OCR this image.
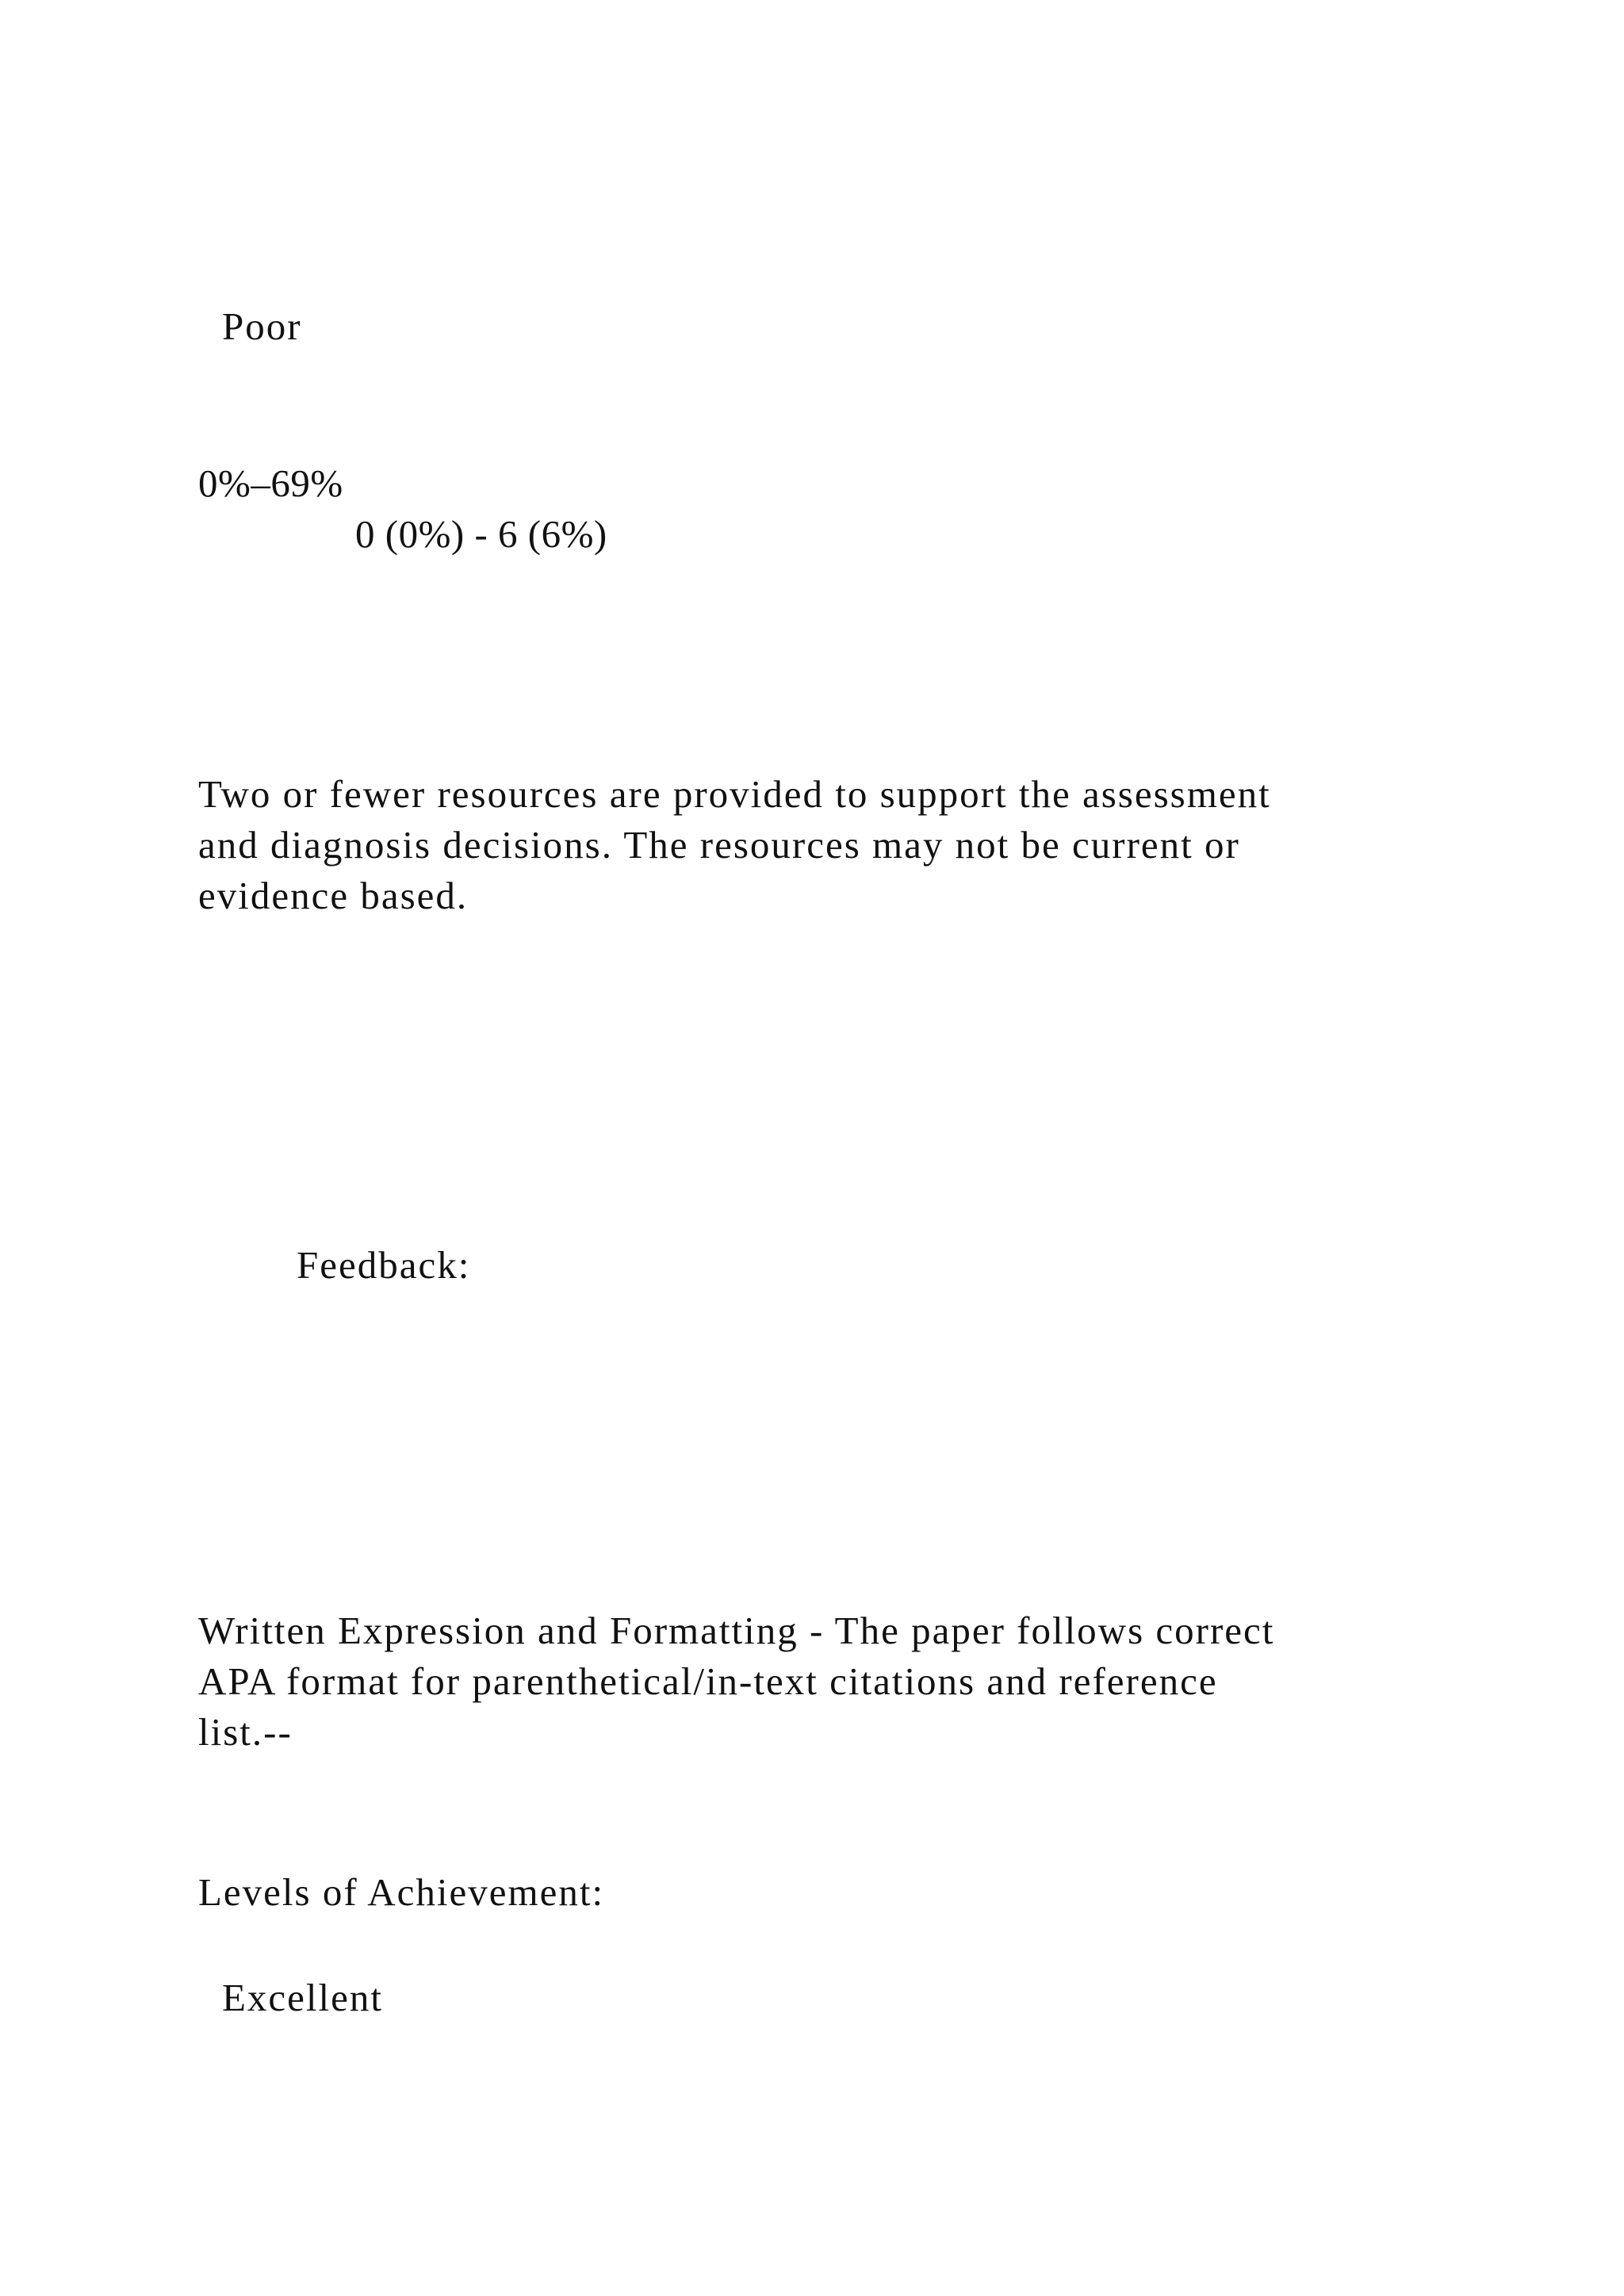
Poor

0%–69%

0 (0%) - 6 (6%)

Two or fewer resources are provided to support the assessment
and diagnosis decisions. The resources may not be current or
evidence based.

Feedback:

Written Expression and Formatting - The paper follows correct
APA format for parenthetical/in-text citations and reference
list.--

Levels of Achievement:

Excellent
